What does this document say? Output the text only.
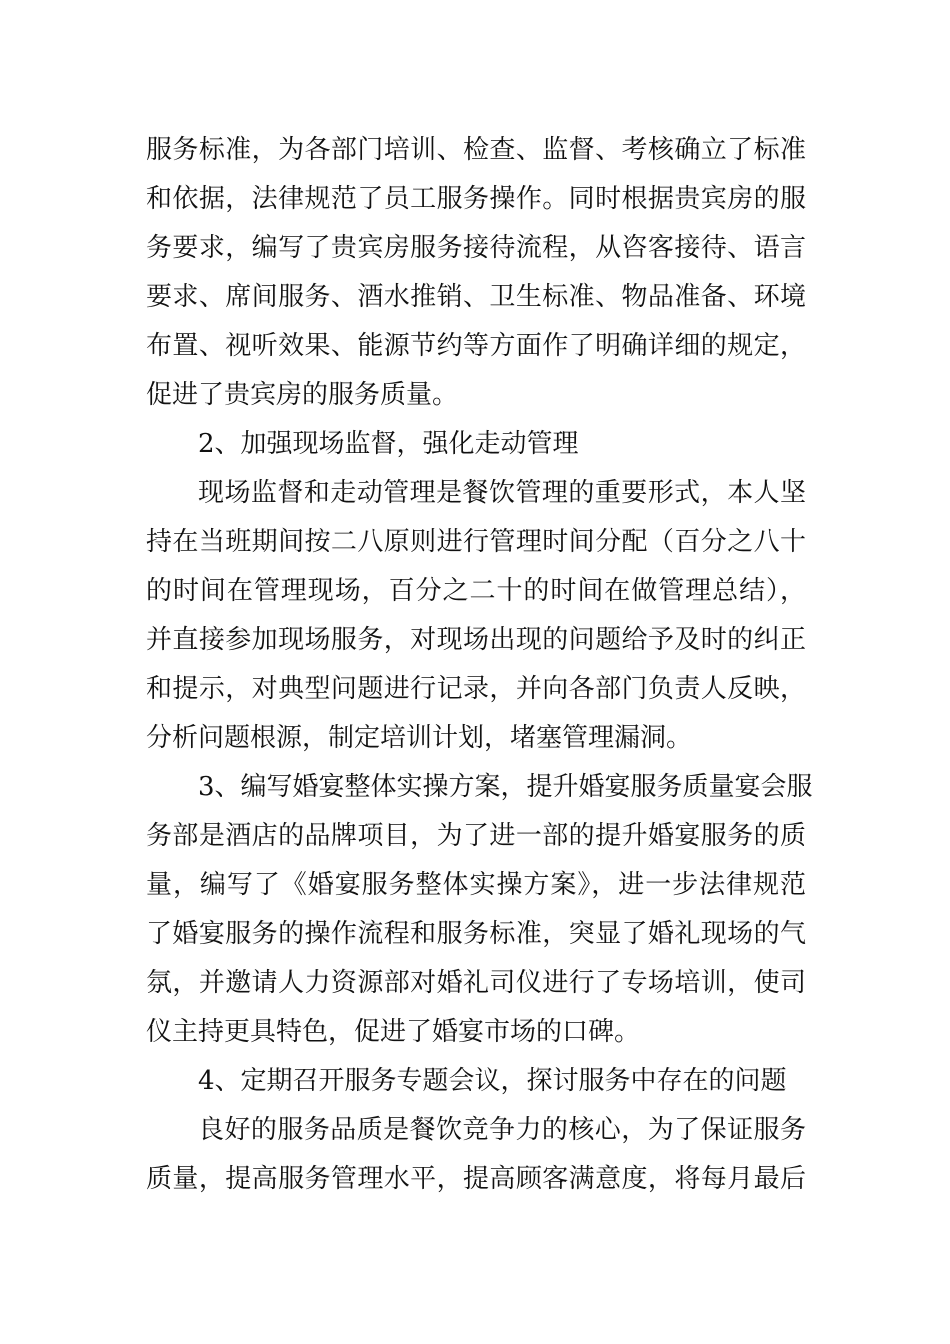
服务标准，为各部门培训、检查、监督、考核确立了标准
和依据，法律规范了员工服务操作。同时根据贵宾房的服
务要求，编写了贵宾房服务接待流程，从咨客接待、语言
要求、席间服务、酒水推销、卫生标准、物品准备、环境
布置、视听效果、能源节约等方面作了明确详细的规定，
促进了贵宾房的服务质量。
2、加强现场监督，强化走动管理
现场监督和走动管理是餐饮管理的重要形式，本人坚
持在当班期间按二八原则进行管理时间分配（百分之八十
的时间在管理现场，百分之二十的时间在做管理总结），
并直接参加现场服务，对现场出现的问题给予及时的纠正
和提示，对典型问题进行记录，并向各部门负责人反映，
分析问题根源，制定培训计划，堵塞管理漏洞。
3、编写婚宴整体实操方案，提升婚宴服务质量宴会服
务部是酒店的品牌项目，为了进一部的提升婚宴服务的质
量，编写了《婚宴服务整体实操方案》，进一步法律规范
了婚宴服务的操作流程和服务标准，突显了婚礼现场的气
氛，并邀请人力资源部对婚礼司仪进行了专场培训，使司
仪主持更具特色，促进了婚宴市场的口碑。
4、定期召开服务专题会议，探讨服务中存在的问题
良好的服务品质是餐饮竞争力的核心，为了保证服务
质量，提高服务管理水平，提高顾客满意度，将每月最后
